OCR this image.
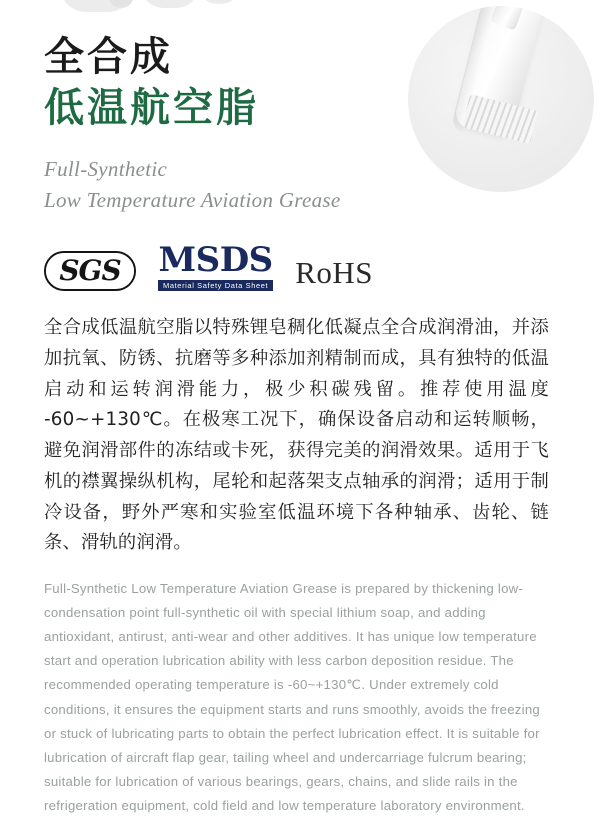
全合成
低温航空脂
Full-Synthetic
Low Temperature Aviation Grease
SGS MSDS
Material Safety Data Sheet RoHS

全合成低温航空脂以特殊锂皂稠化低凝点全合成润滑油，并添加抗氧、防锈、抗磨等多种添加剂精制而成，具有独特的低温启动和运转润滑能力，极少积碳残留。推荐使用温度 -60~+130℃。在极寒工况下，确保设备启动和运转顺畅，避免润滑部件的冻结或卡死，获得完美的润滑效果。适用于飞机的襟翼操纵机构，尾轮和起落架支点轴承的润滑；适用于制冷设备，野外严寒和实验室低温环境下各种轴承、齿轮、链条、滑轨的润滑。

Full-Synthetic Low Temperature Aviation Grease is prepared by thickening low-condensation point full-synthetic oil with special lithium soap, and adding antioxidant, antirust, anti-wear and other additives. It has unique low temperature start and operation lubrication ability with less carbon deposition residue. The recommended operating temperature is -60~+130℃. Under extremely cold conditions, it ensures the equipment starts and runs smoothly, avoids the freezing or stuck of lubricating parts to obtain the perfect lubrication effect. It is suitable for lubrication of aircraft flap gear, tailing wheel and undercarriage fulcrum bearing; suitable for lubrication of various bearings, gears, chains, and slide rails in the refrigeration equipment, cold field and low temperature laboratory environment.
